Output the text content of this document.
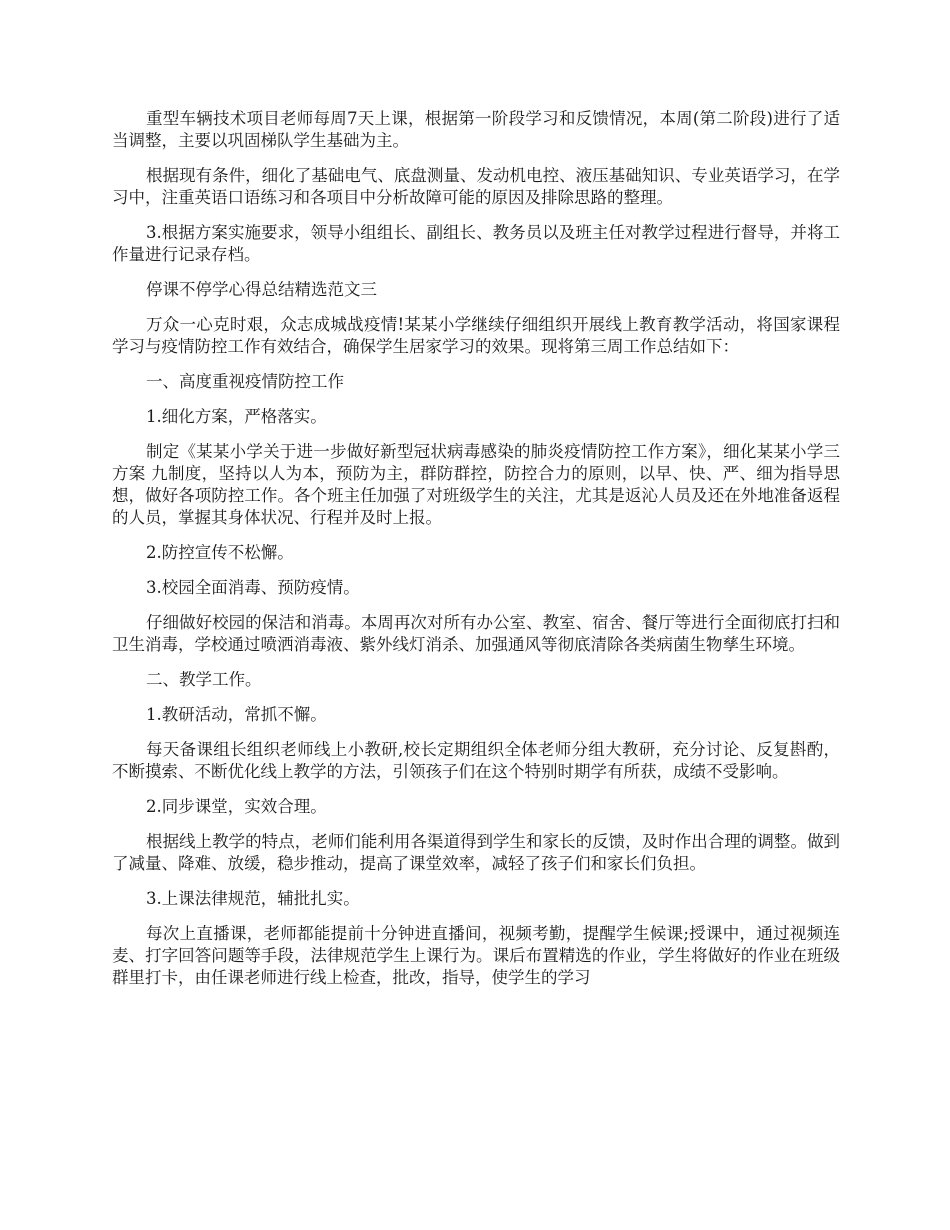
重型车辆技术项目老师每周7天上课，根据第一阶段学习和反馈情况，本周(第二阶段)进行了适当调整，主要以巩固梯队学生基础为主。

根据现有条件，细化了基础电气、底盘测量、发动机电控、液压基础知识、专业英语学习，在学习中，注重英语口语练习和各项目中分析故障可能的原因及排除思路的整理。

3.根据方案实施要求，领导小组组长、副组长、教务员以及班主任对教学过程进行督导，并将工作量进行记录存档。

停课不停学心得总结精选范文三

万众一心克时艰，众志成城战疫情!某某小学继续仔细组织开展线上教育教学活动，将国家课程学习与疫情防控工作有效结合，确保学生居家学习的效果。现将第三周工作总结如下：

一、高度重视疫情防控工作

1.细化方案，严格落实。

制定《某某小学关于进一步做好新型冠状病毒感染的肺炎疫情防控工作方案》，细化某某小学三方案 九制度，坚持以人为本，预防为主，群防群控，防控合力的原则，以早、快、严、细为指导思想，做好各项防控工作。各个班主任加强了对班级学生的关注，尤其是返沁人员及还在外地准备返程的人员，掌握其身体状况、行程并及时上报。

2.防控宣传不松懈。

3.校园全面消毒、预防疫情。

仔细做好校园的保洁和消毒。本周再次对所有办公室、教室、宿舍、餐厅等进行全面彻底打扫和卫生消毒，学校通过喷洒消毒液、紫外线灯消杀、加强通风等彻底清除各类病菌生物孳生环境。

二、教学工作。

1.教研活动，常抓不懈。

每天备课组长组织老师线上小教研,校长定期组织全体老师分组大教研，充分讨论、反复斟酌，不断摸索、不断优化线上教学的方法，引领孩子们在这个特别时期学有所获，成绩不受影响。

2.同步课堂，实效合理。

根据线上教学的特点，老师们能利用各渠道得到学生和家长的反馈，及时作出合理的调整。做到了减量、降难、放缓，稳步推动，提高了课堂效率，减轻了孩子们和家长们负担。

3.上课法律规范，辅批扎实。

每次上直播课，老师都能提前十分钟进直播间，视频考勤，提醒学生候课;授课中，通过视频连麦、打字回答问题等手段，法律规范学生上课行为。课后布置精选的作业，学生将做好的作业在班级群里打卡，由任课老师进行线上检查，批改，指导，使学生的学习
